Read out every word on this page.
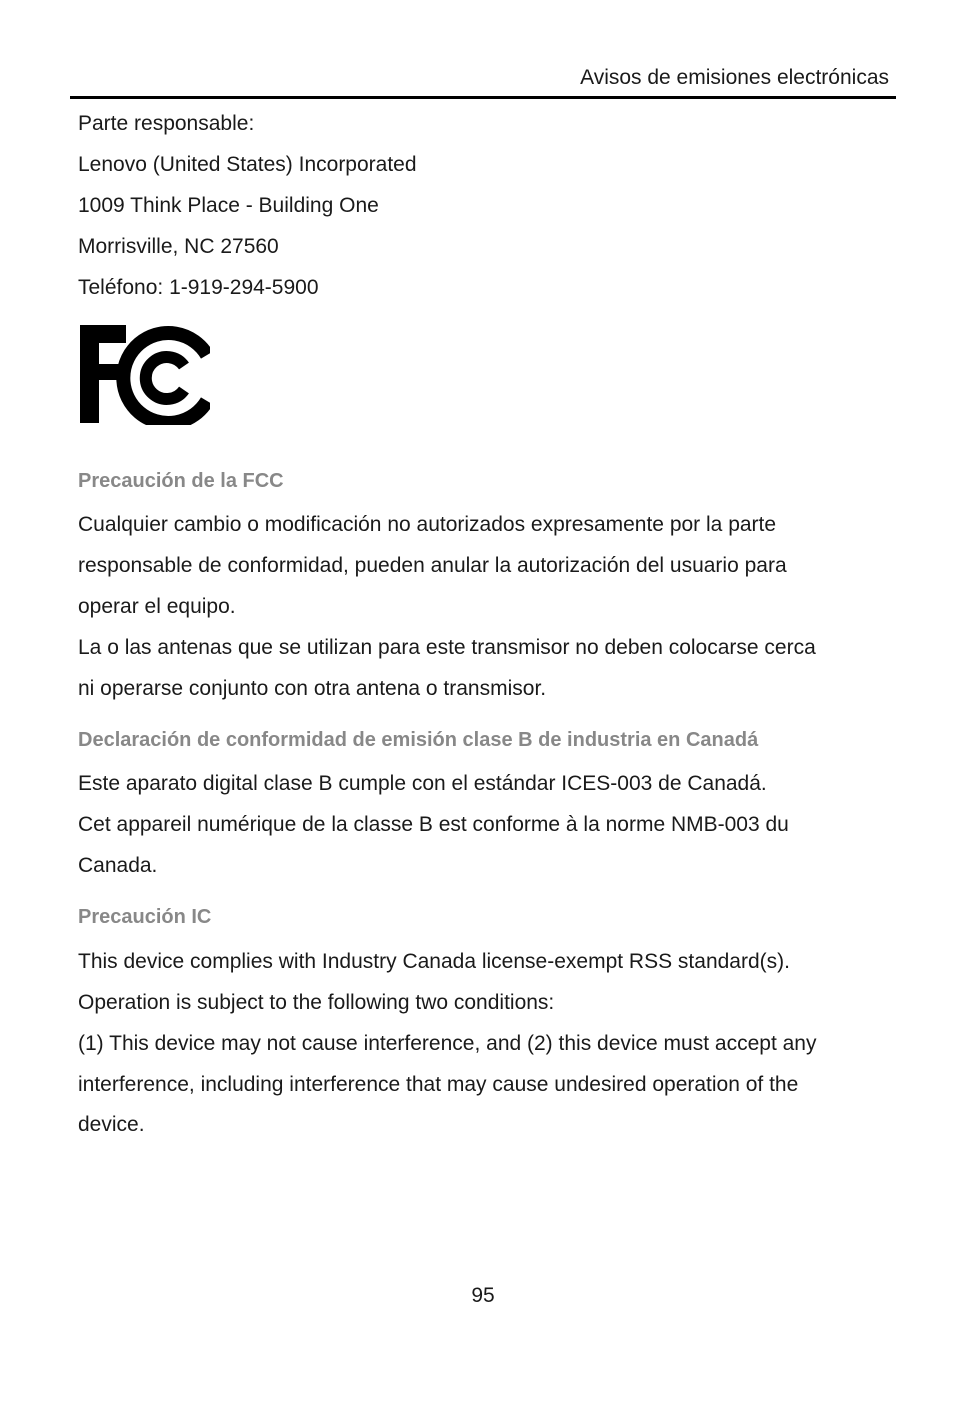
Avisos de emisiones electrónicas
Parte responsable:
Lenovo (United States) Incorporated
1009 Think Place - Building One
Morrisville, NC 27560
Teléfono: 1-919-294-5900
Precaución de la FCC
Cualquier cambio o modificación no autorizados expresamente por la parte
responsable de conformidad, pueden anular la autorización del usuario para
operar el equipo.
La o las antenas que se utilizan para este transmisor no deben colocarse cerca
ni operarse conjunto con otra antena o transmisor.
Declaración de conformidad de emisión clase B de industria en Canadá
Este aparato digital clase B cumple con el estándar ICES-003 de Canadá.
Cet appareil numérique de la classe B est conforme à la norme NMB-003 du
Canada.
Precaución IC
This device complies with Industry Canada license-exempt RSS standard(s).
Operation is subject to the following two conditions:
(1) This device may not cause interference, and (2) this device must accept any
interference, including interference that may cause undesired operation of the
device.
95
